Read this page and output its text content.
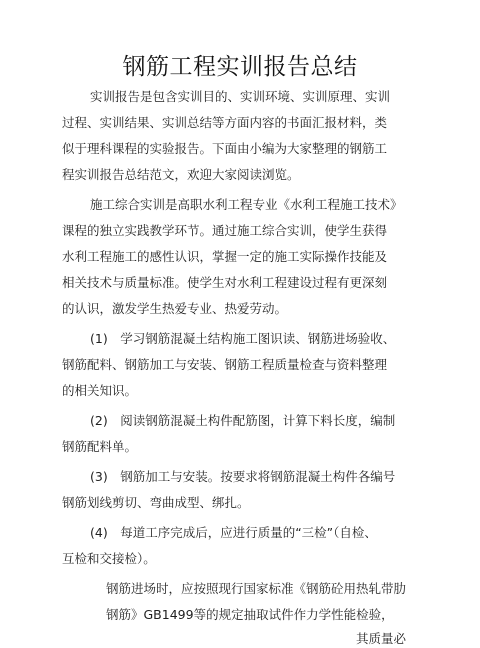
钢筋工程实训报告总结
实训报告是包含实训目的、实训环境、实训原理、实训
过程、实训结果、实训总结等方面内容的书面汇报材料，类
似于理科课程的实验报告。下面由小编为大家整理的钢筋工
程实训报告总结范文，欢迎大家阅读浏览。
施工综合实训是高职水利工程专业《水利工程施工技术》
课程的独立实践教学环节。通过施工综合实训，使学生获得
水利工程施工的感性认识，掌握一定的施工实际操作技能及
相关技术与质量标准。使学生对水利工程建设过程有更深刻
的认识，激发学生热爱专业、热爱劳动。
(1)　学习钢筋混凝土结构施工图识读、钢筋进场验收、
钢筋配料、钢筋加工与安装、钢筋工程质量检查与资料整理
的相关知识。
(2)　阅读钢筋混凝土构件配筋图，计算下料长度，编制
钢筋配料单。
(3)　钢筋加工与安装。按要求将钢筋混凝土构件各编号
钢筋划线剪切、弯曲成型、绑扎。
(4)　每道工序完成后，应进行质量的“三检”（自检、
互检和交接检）。
钢筋进场时，应按照现行国家标准《钢筋砼用热轧带肋
钢筋》GB1499等的规定抽取试件作力学性能检验，
其质量必
